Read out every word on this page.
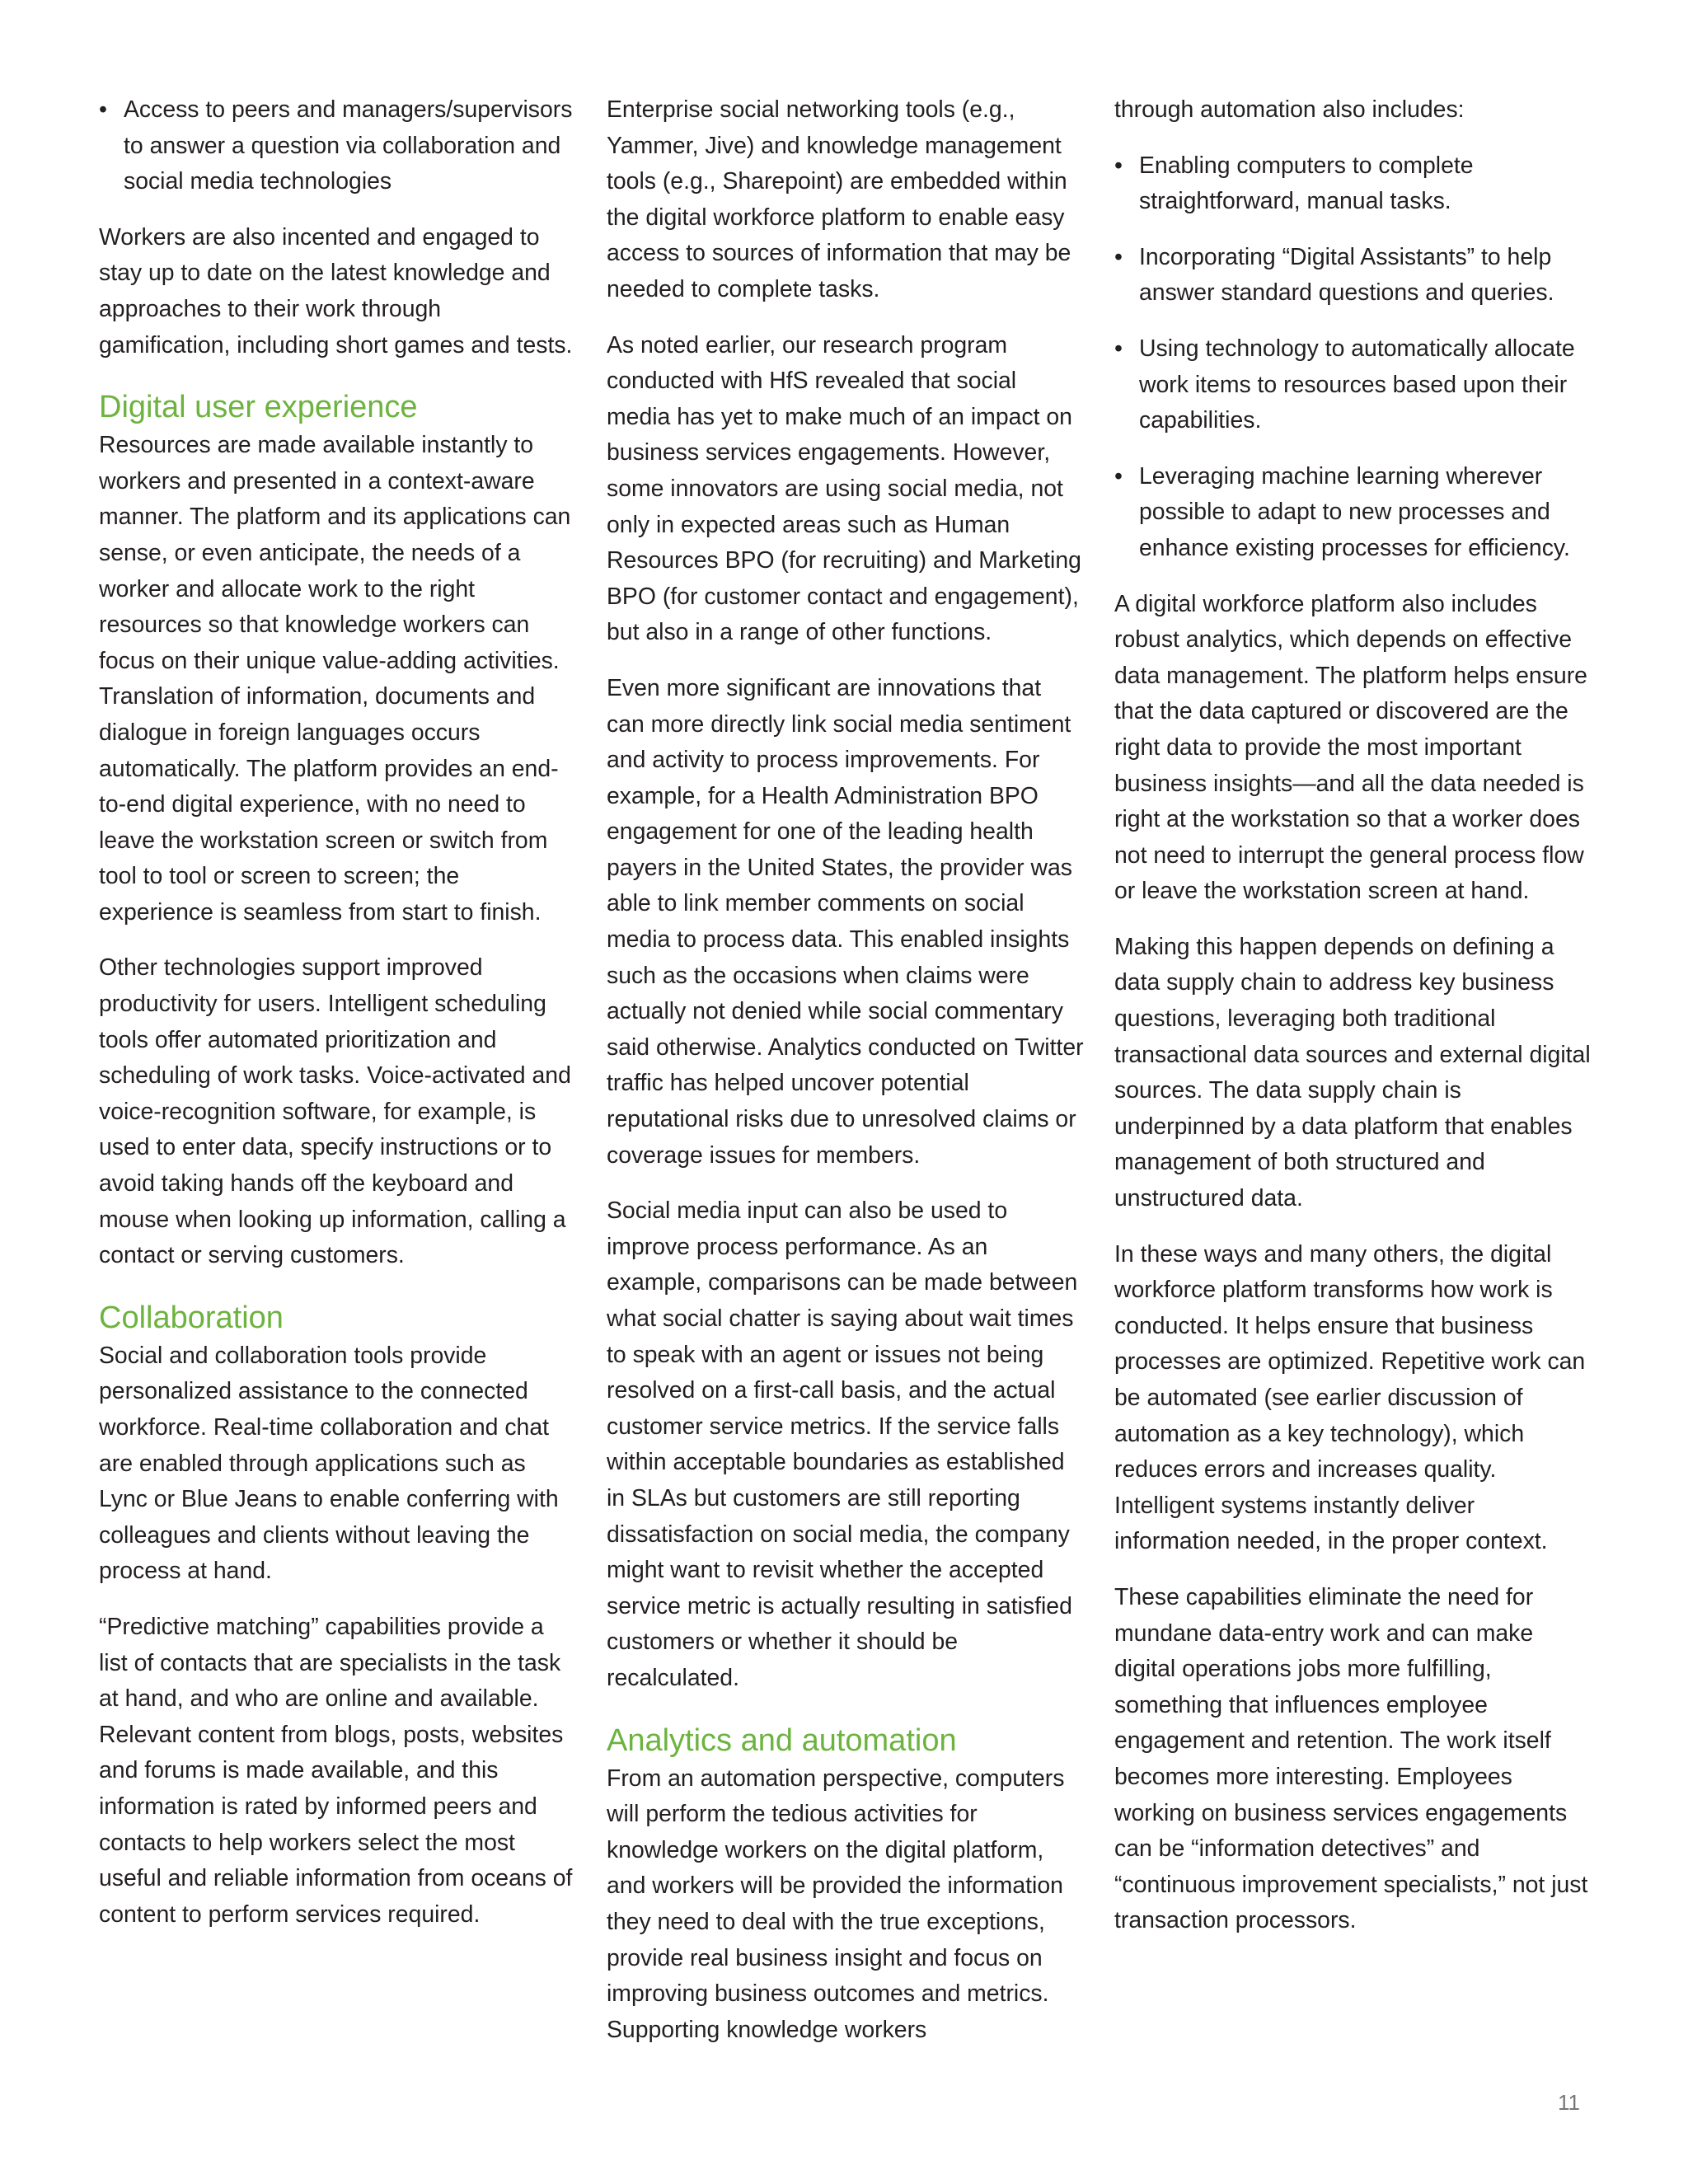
• Access to peers and managers/supervisors to answer a question via collaboration and social media technologies

Workers are also incented and engaged to stay up to date on the latest knowledge and approaches to their work through gamification, including short games and tests.

Digital user experience

Resources are made available instantly to workers and presented in a context-aware manner. The platform and its applications can sense, or even anticipate, the needs of a worker and allocate work to the right resources so that knowledge workers can focus on their unique value-adding activities. Translation of information, documents and dialogue in foreign languages occurs automatically. The platform provides an end-to-end digital experience, with no need to leave the workstation screen or switch from tool to tool or screen to screen; the experience is seamless from start to finish.

Other technologies support improved productivity for users. Intelligent scheduling tools offer automated prioritization and scheduling of work tasks. Voice-activated and voice-recognition software, for example, is used to enter data, specify instructions or to avoid taking hands off the keyboard and mouse when looking up information, calling a contact or serving customers.

Collaboration

Social and collaboration tools provide personalized assistance to the connected workforce. Real-time collaboration and chat are enabled through applications such as Lync or Blue Jeans to enable conferring with colleagues and clients without leaving the process at hand.

“Predictive matching” capabilities provide a list of contacts that are specialists in the task at hand, and who are online and available. Relevant content from blogs, posts, websites and forums is made available, and this information is rated by informed peers and contacts to help workers select the most useful and reliable information from oceans of content to perform services required.

Enterprise social networking tools (e.g., Yammer, Jive) and knowledge management tools (e.g., Sharepoint) are embedded within the digital workforce platform to enable easy access to sources of information that may be needed to complete tasks.

As noted earlier, our research program conducted with HfS revealed that social media has yet to make much of an impact on business services engagements. However, some innovators are using social media, not only in expected areas such as Human Resources BPO (for recruiting) and Marketing BPO (for customer contact and engagement), but also in a range of other functions.

Even more significant are innovations that can more directly link social media sentiment and activity to process improvements. For example, for a Health Administration BPO engagement for one of the leading health payers in the United States, the provider was able to link member comments on social media to process data. This enabled insights such as the occasions when claims were actually not denied while social commentary said otherwise. Analytics conducted on Twitter traffic has helped uncover potential reputational risks due to unresolved claims or coverage issues for members.

Social media input can also be used to improve process performance. As an example, comparisons can be made between what social chatter is saying about wait times to speak with an agent or issues not being resolved on a first-call basis, and the actual customer service metrics. If the service falls within acceptable boundaries as established in SLAs but customers are still reporting dissatisfaction on social media, the company might want to revisit whether the accepted service metric is actually resulting in satisfied customers or whether it should be recalculated.

Analytics and automation

From an automation perspective, computers will perform the tedious activities for knowledge workers on the digital platform, and workers will be provided the information they need to deal with the true exceptions, provide real business insight and focus on improving business outcomes and metrics. Supporting knowledge workers

through automation also includes:

• Enabling computers to complete straightforward, manual tasks.
• Incorporating “Digital Assistants” to help answer standard questions and queries.
• Using technology to automatically allocate work items to resources based upon their capabilities.
• Leveraging machine learning wherever possible to adapt to new processes and enhance existing processes for efficiency.

A digital workforce platform also includes robust analytics, which depends on effective data management. The platform helps ensure that the data captured or discovered are the right data to provide the most important business insights—and all the data needed is right at the workstation so that a worker does not need to interrupt the general process flow or leave the workstation screen at hand.

Making this happen depends on defining a data supply chain to address key business questions, leveraging both traditional transactional data sources and external digital sources. The data supply chain is underpinned by a data platform that enables management of both structured and unstructured data.

In these ways and many others, the digital workforce platform transforms how work is conducted. It helps ensure that business processes are optimized. Repetitive work can be automated (see earlier discussion of automation as a key technology), which reduces errors and increases quality. Intelligent systems instantly deliver information needed, in the proper context.

These capabilities eliminate the need for mundane data-entry work and can make digital operations jobs more fulfilling, something that influences employee engagement and retention. The work itself becomes more interesting. Employees working on business services engagements can be “information detectives” and “continuous improvement specialists,” not just transaction processors.

11
